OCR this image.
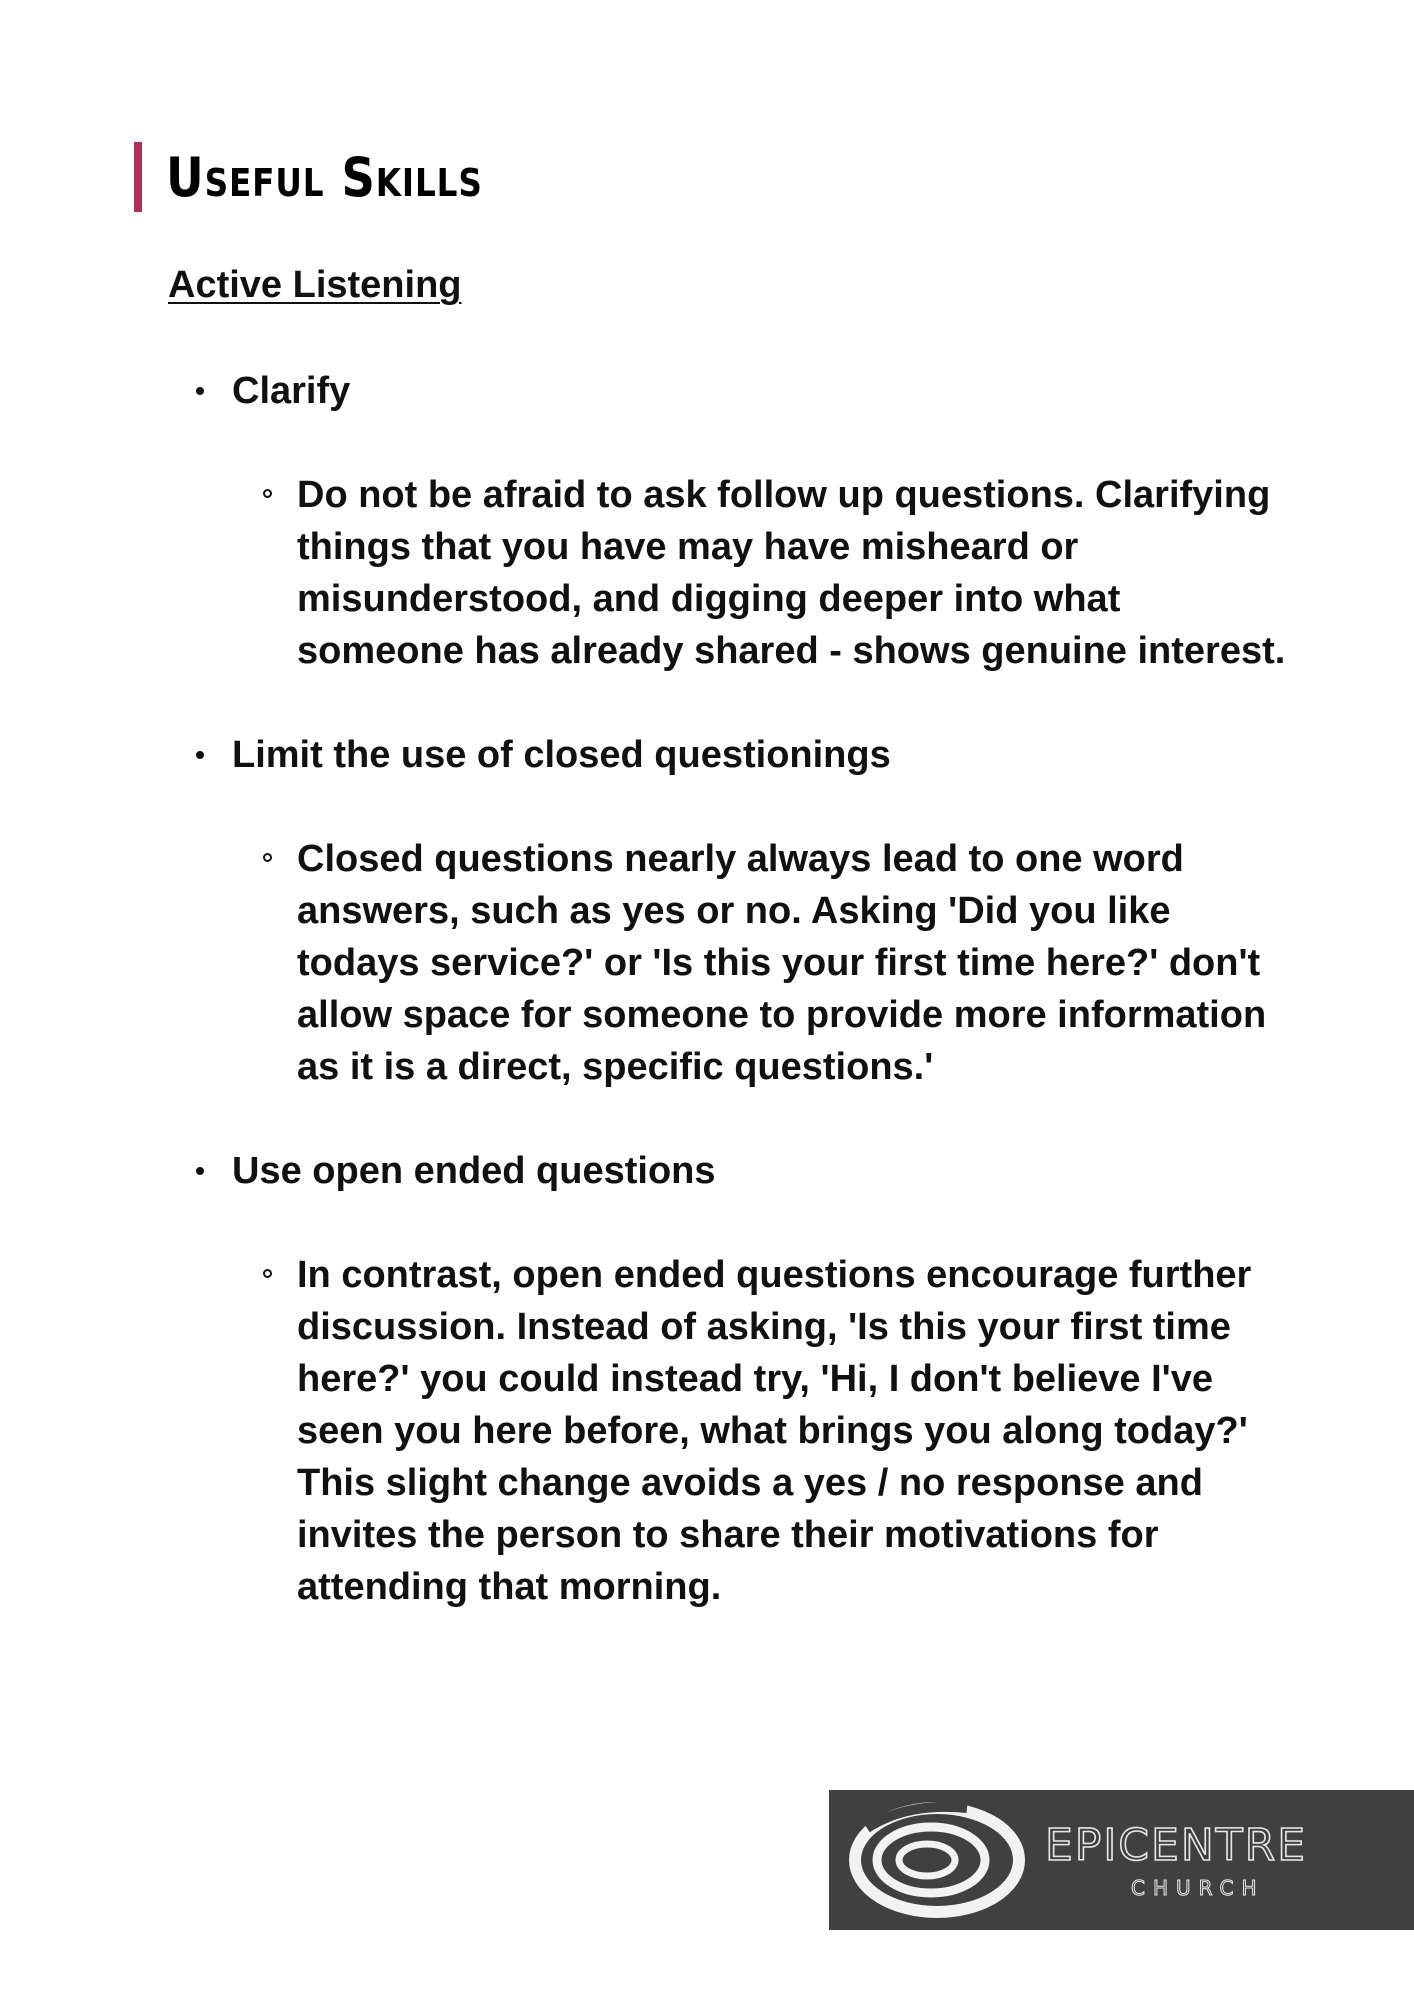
Useful Skills
Active Listening
Clarify
Do not be afraid to ask follow up questions. Clarifying things that you have may have misheard or misunderstood, and digging deeper into what someone has already shared - shows genuine interest.
Limit the use of closed questionings
Closed questions nearly always lead to one word answers, such as yes or no. Asking 'Did you like todays service?' or 'Is this your first time here?' don't allow space for someone to provide more information as it is a direct, specific questions.'
Use open ended questions
In contrast, open ended questions encourage further discussion. Instead of asking, 'Is this your first time here?' you could instead try, 'Hi, I don't believe I've seen you here before, what brings you along today?' This slight change avoids a yes / no response and invites the person to share their motivations for attending that morning.
EPICENTRE
CHURCH
